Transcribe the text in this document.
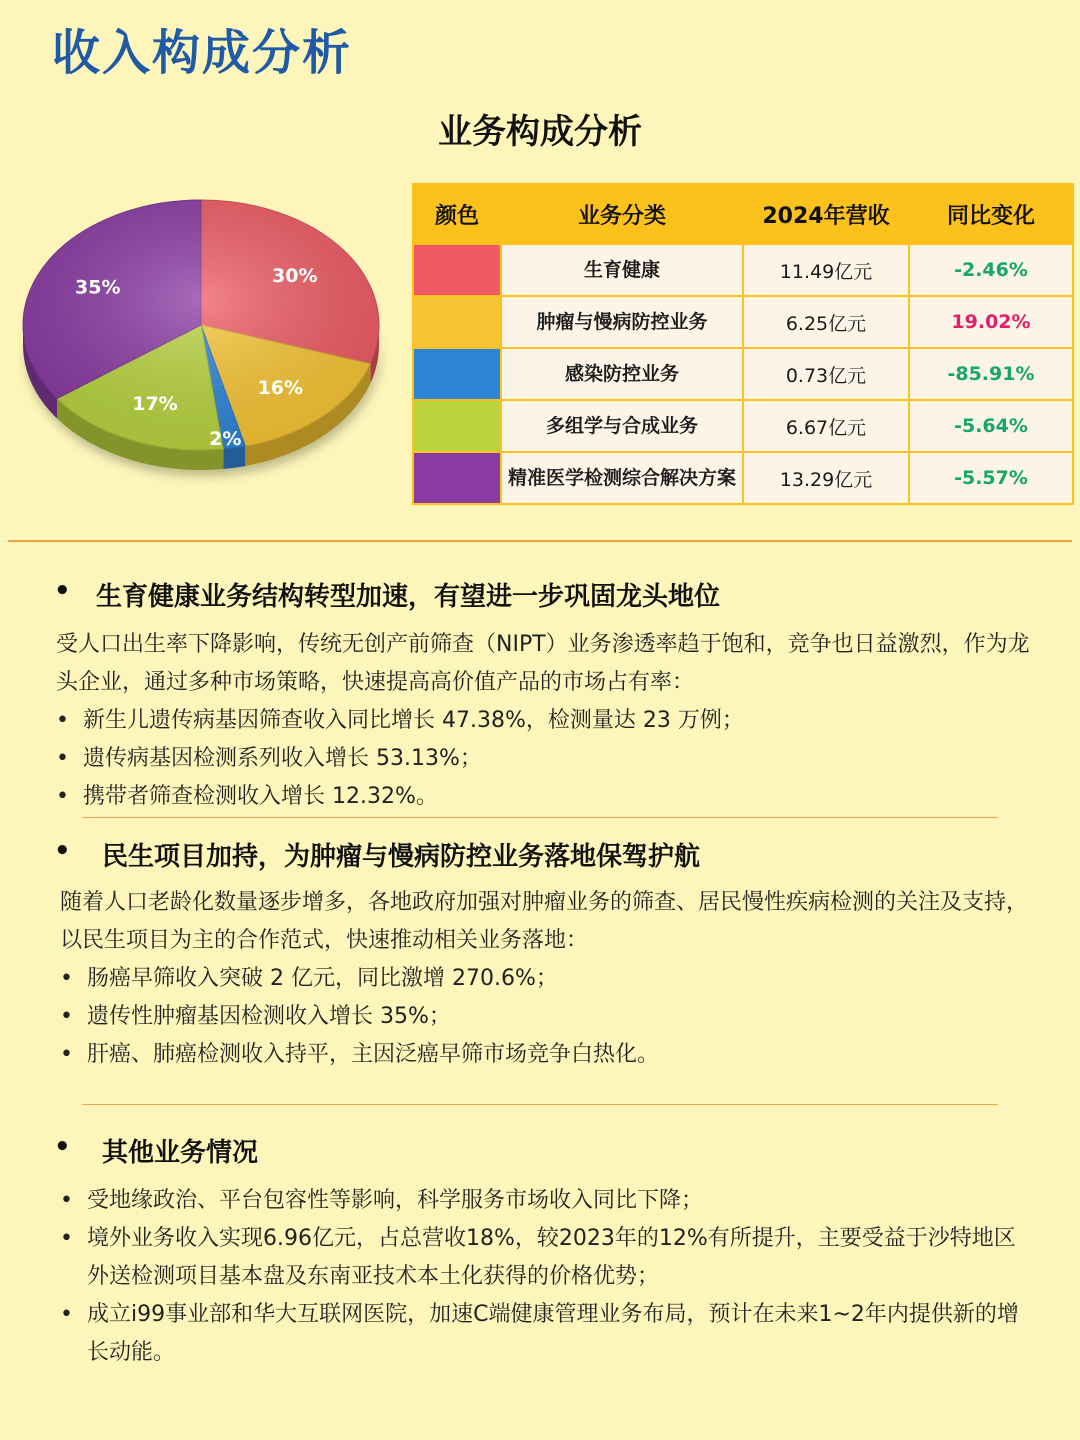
收入构成分析
业务构成分析
30%
16%
2%
17%
35%
颜色	业务分类	2024年营收	同比变化

	生育健康	11.49亿元	-2.46%

	肿瘤与慢病防控业务	6.25亿元	19.02%

	感染防控业务	0.73亿元	-85.91%

	多组学与合成业务	6.67亿元	-5.64%

	精准医学检测综合解决方案	13.29亿元	-5.57%
• 生育健康业务结构转型加速，有望进一步巩固龙头地位
受人口出生率下降影响，传统无创产前筛查（NIPT）业务渗透率趋于饱和，竞争也日益激烈，作为龙头企业，通过多种市场策略，快速提高高价值产品的市场占有率：
• 新生儿遗传病基因筛查收入同比增长 47.38%，检测量达 23 万例；
• 遗传病基因检测系列收入增长 53.13%；
• 携带者筛查检测收入增长 12.32%。
• 民生项目加持，为肿瘤与慢病防控业务落地保驾护航
随着人口老龄化数量逐步增多，各地政府加强对肿瘤业务的筛查、居民慢性疾病检测的关注及支持，以民生项目为主的合作范式，快速推动相关业务落地：
• 肠癌早筛收入突破 2 亿元，同比激增 270.6%；
• 遗传性肿瘤基因检测收入增长 35%；
• 肝癌、肺癌检测收入持平，主因泛癌早筛市场竞争白热化。
• 其他业务情况
• 受地缘政治、平台包容性等影响，科学服务市场收入同比下降；
• 境外业务收入实现6.96亿元，占总营收18%，较2023年的12%有所提升，主要受益于沙特地区外送检测项目基本盘及东南亚技术本土化获得的价格优势；
• 成立i99事业部和华大互联网医院，加速C端健康管理业务布局，预计在未来1~2年内提供新的增长动能。
